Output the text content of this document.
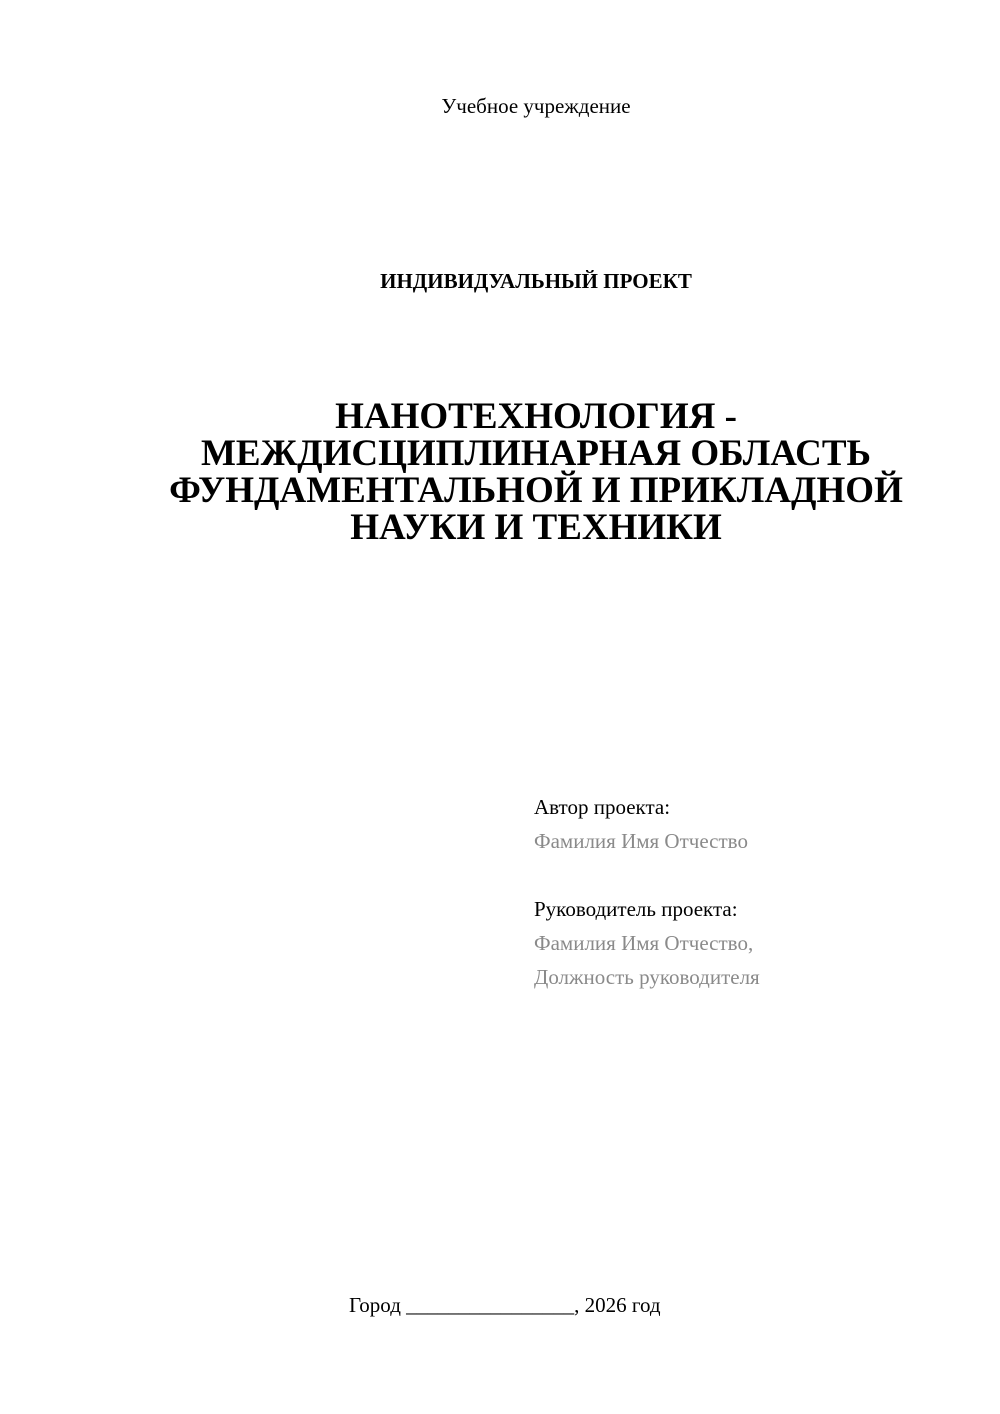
Учебное учреждение
ИНДИВИДУАЛЬНЫЙ ПРОЕКТ
НАНОТЕХНОЛОГИЯ -
МЕЖДИСЦИПЛИНАРНАЯ ОБЛАСТЬ
ФУНДАМЕНТАЛЬНОЙ И ПРИКЛАДНОЙ
НАУКИ И ТЕХНИКИ
Автор проекта:
Фамилия Имя Отчество
Руководитель проекта:
Фамилия Имя Отчество,
Должность руководителя
Город ________________, 2026 год
